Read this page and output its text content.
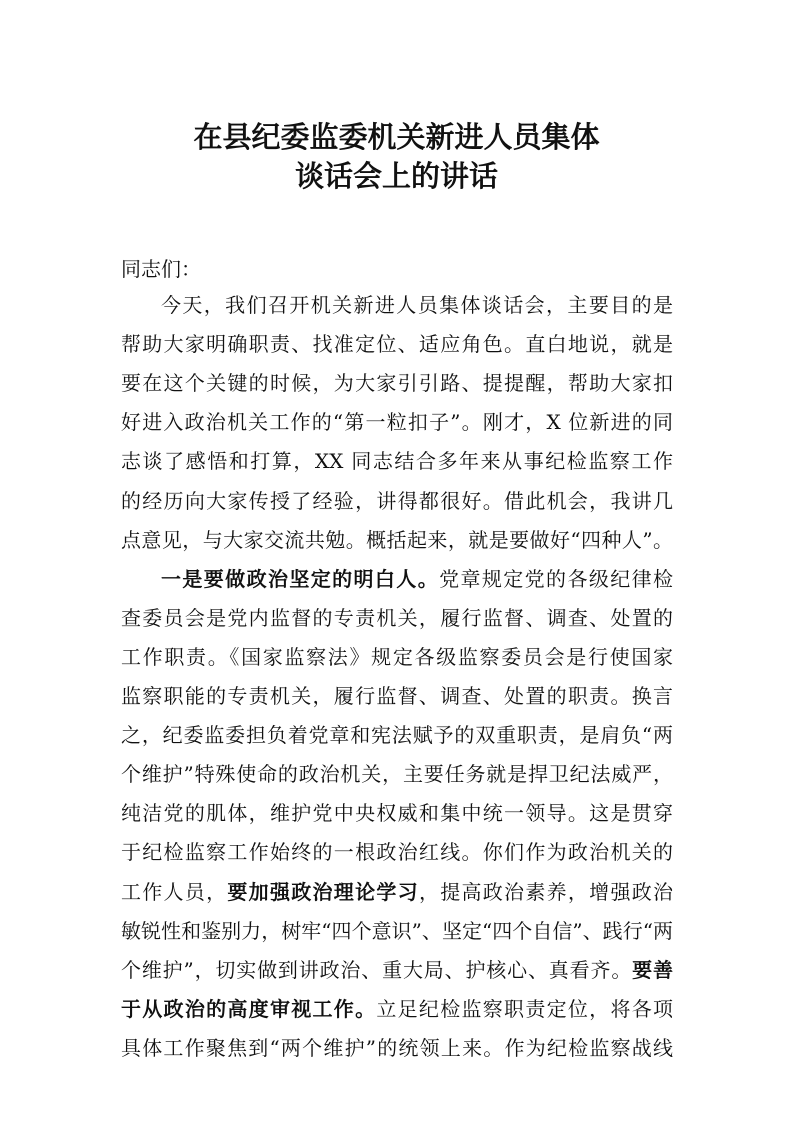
在县纪委监委机关新进人员集体
谈话会上的讲话
同志们：
今天，我们召开机关新进人员集体谈话会，主要目的是
帮助大家明确职责、找准定位、适应角色。直白地说，就是
要在这个关键的时候，为大家引引路、提提醒，帮助大家扣
好进入政治机关工作的“第一粒扣子”。刚才，X 位新进的同
志谈了感悟和打算，XX 同志结合多年来从事纪检监察工作
的经历向大家传授了经验，讲得都很好。借此机会，我讲几
点意见，与大家交流共勉。概括起来，就是要做好“四种人”。
一是要做政治坚定的明白人。党章规定党的各级纪律检
查委员会是党内监督的专责机关，履行监督、调查、处置的
工作职责。《国家监察法》规定各级监察委员会是行使国家
监察职能的专责机关，履行监督、调查、处置的职责。换言
之，纪委监委担负着党章和宪法赋予的双重职责，是肩负“两
个维护”特殊使命的政治机关，主要任务就是捍卫纪法威严，
纯洁党的肌体，维护党中央权威和集中统一领导。这是贯穿
于纪检监察工作始终的一根政治红线。你们作为政治机关的
工作人员，要加强政治理论学习，提高政治素养，增强政治
敏锐性和鉴别力，树牢“四个意识”、坚定“四个自信”、践行“两
个维护”，切实做到讲政治、重大局、护核心、真看齐。要善
于从政治的高度审视工作。立足纪检监察职责定位，将各项
具体工作聚焦到“两个维护”的统领上来。作为纪检监察战线
